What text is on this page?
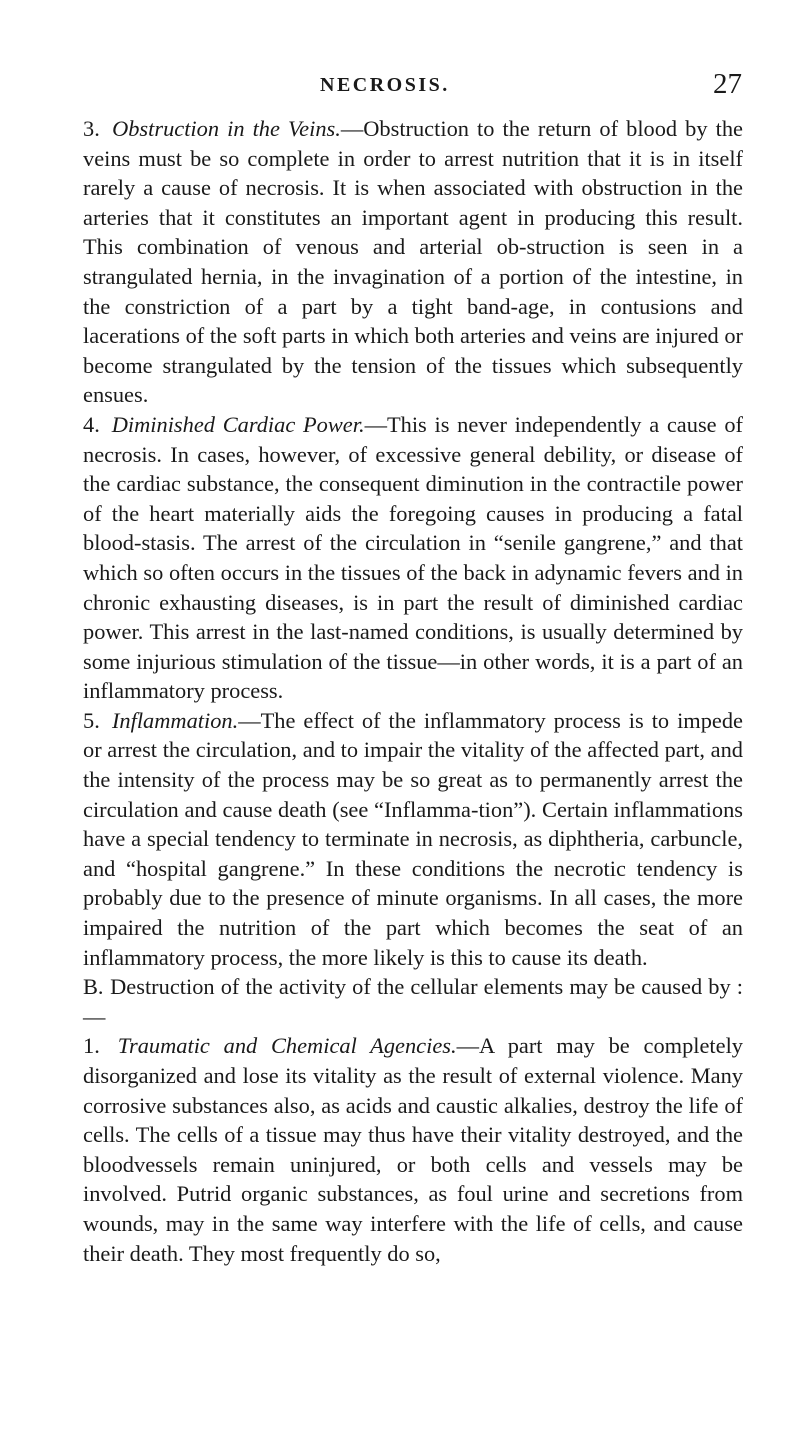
NECROSIS.	27

3. Obstruction in the Veins.—Obstruction to the return of blood by the veins must be so complete in order to arrest nutrition that it is in itself rarely a cause of necrosis. It is when associated with obstruction in the arteries that it constitutes an important agent in producing this result. This combination of venous and arterial ob-struction is seen in a strangulated hernia, in the invagination of a portion of the intestine, in the constriction of a part by a tight band-age, in contusions and lacerations of the soft parts in which both arteries and veins are injured or become strangulated by the tension of the tissues which subsequently ensues.

4. Diminished Cardiac Power.—This is never independently a cause of necrosis. In cases, however, of excessive general debility, or disease of the cardiac substance, the consequent diminution in the contractile power of the heart materially aids the foregoing causes in producing a fatal blood-stasis. The arrest of the circulation in “senile gangrene,” and that which so often occurs in the tissues of the back in adynamic fevers and in chronic exhausting diseases, is in part the result of diminished cardiac power. This arrest in the last-named conditions, is usually determined by some injurious stimulation of the tissue—in other words, it is a part of an inflammatory process.

5. Inflammation.—The effect of the inflammatory process is to impede or arrest the circulation, and to impair the vitality of the affected part, and the intensity of the process may be so great as to permanently arrest the circulation and cause death (see “Inflamma-tion”). Certain inflammations have a special tendency to terminate in necrosis, as diphtheria, carbuncle, and “hospital gangrene.” In these conditions the necrotic tendency is probably due to the presence of minute organisms. In all cases, the more impaired the nutrition of the part which becomes the seat of an inflammatory process, the more likely is this to cause its death.

B. Destruction of the activity of the cellular elements may be caused by :—

1. Traumatic and Chemical Agencies.—A part may be completely disorganized and lose its vitality as the result of external violence. Many corrosive substances also, as acids and caustic alkalies, destroy the life of cells. The cells of a tissue may thus have their vitality destroyed, and the bloodvessels remain uninjured, or both cells and vessels may be involved. Putrid organic substances, as foul urine and secretions from wounds, may in the same way interfere with the life of cells, and cause their death. They most frequently do so,
